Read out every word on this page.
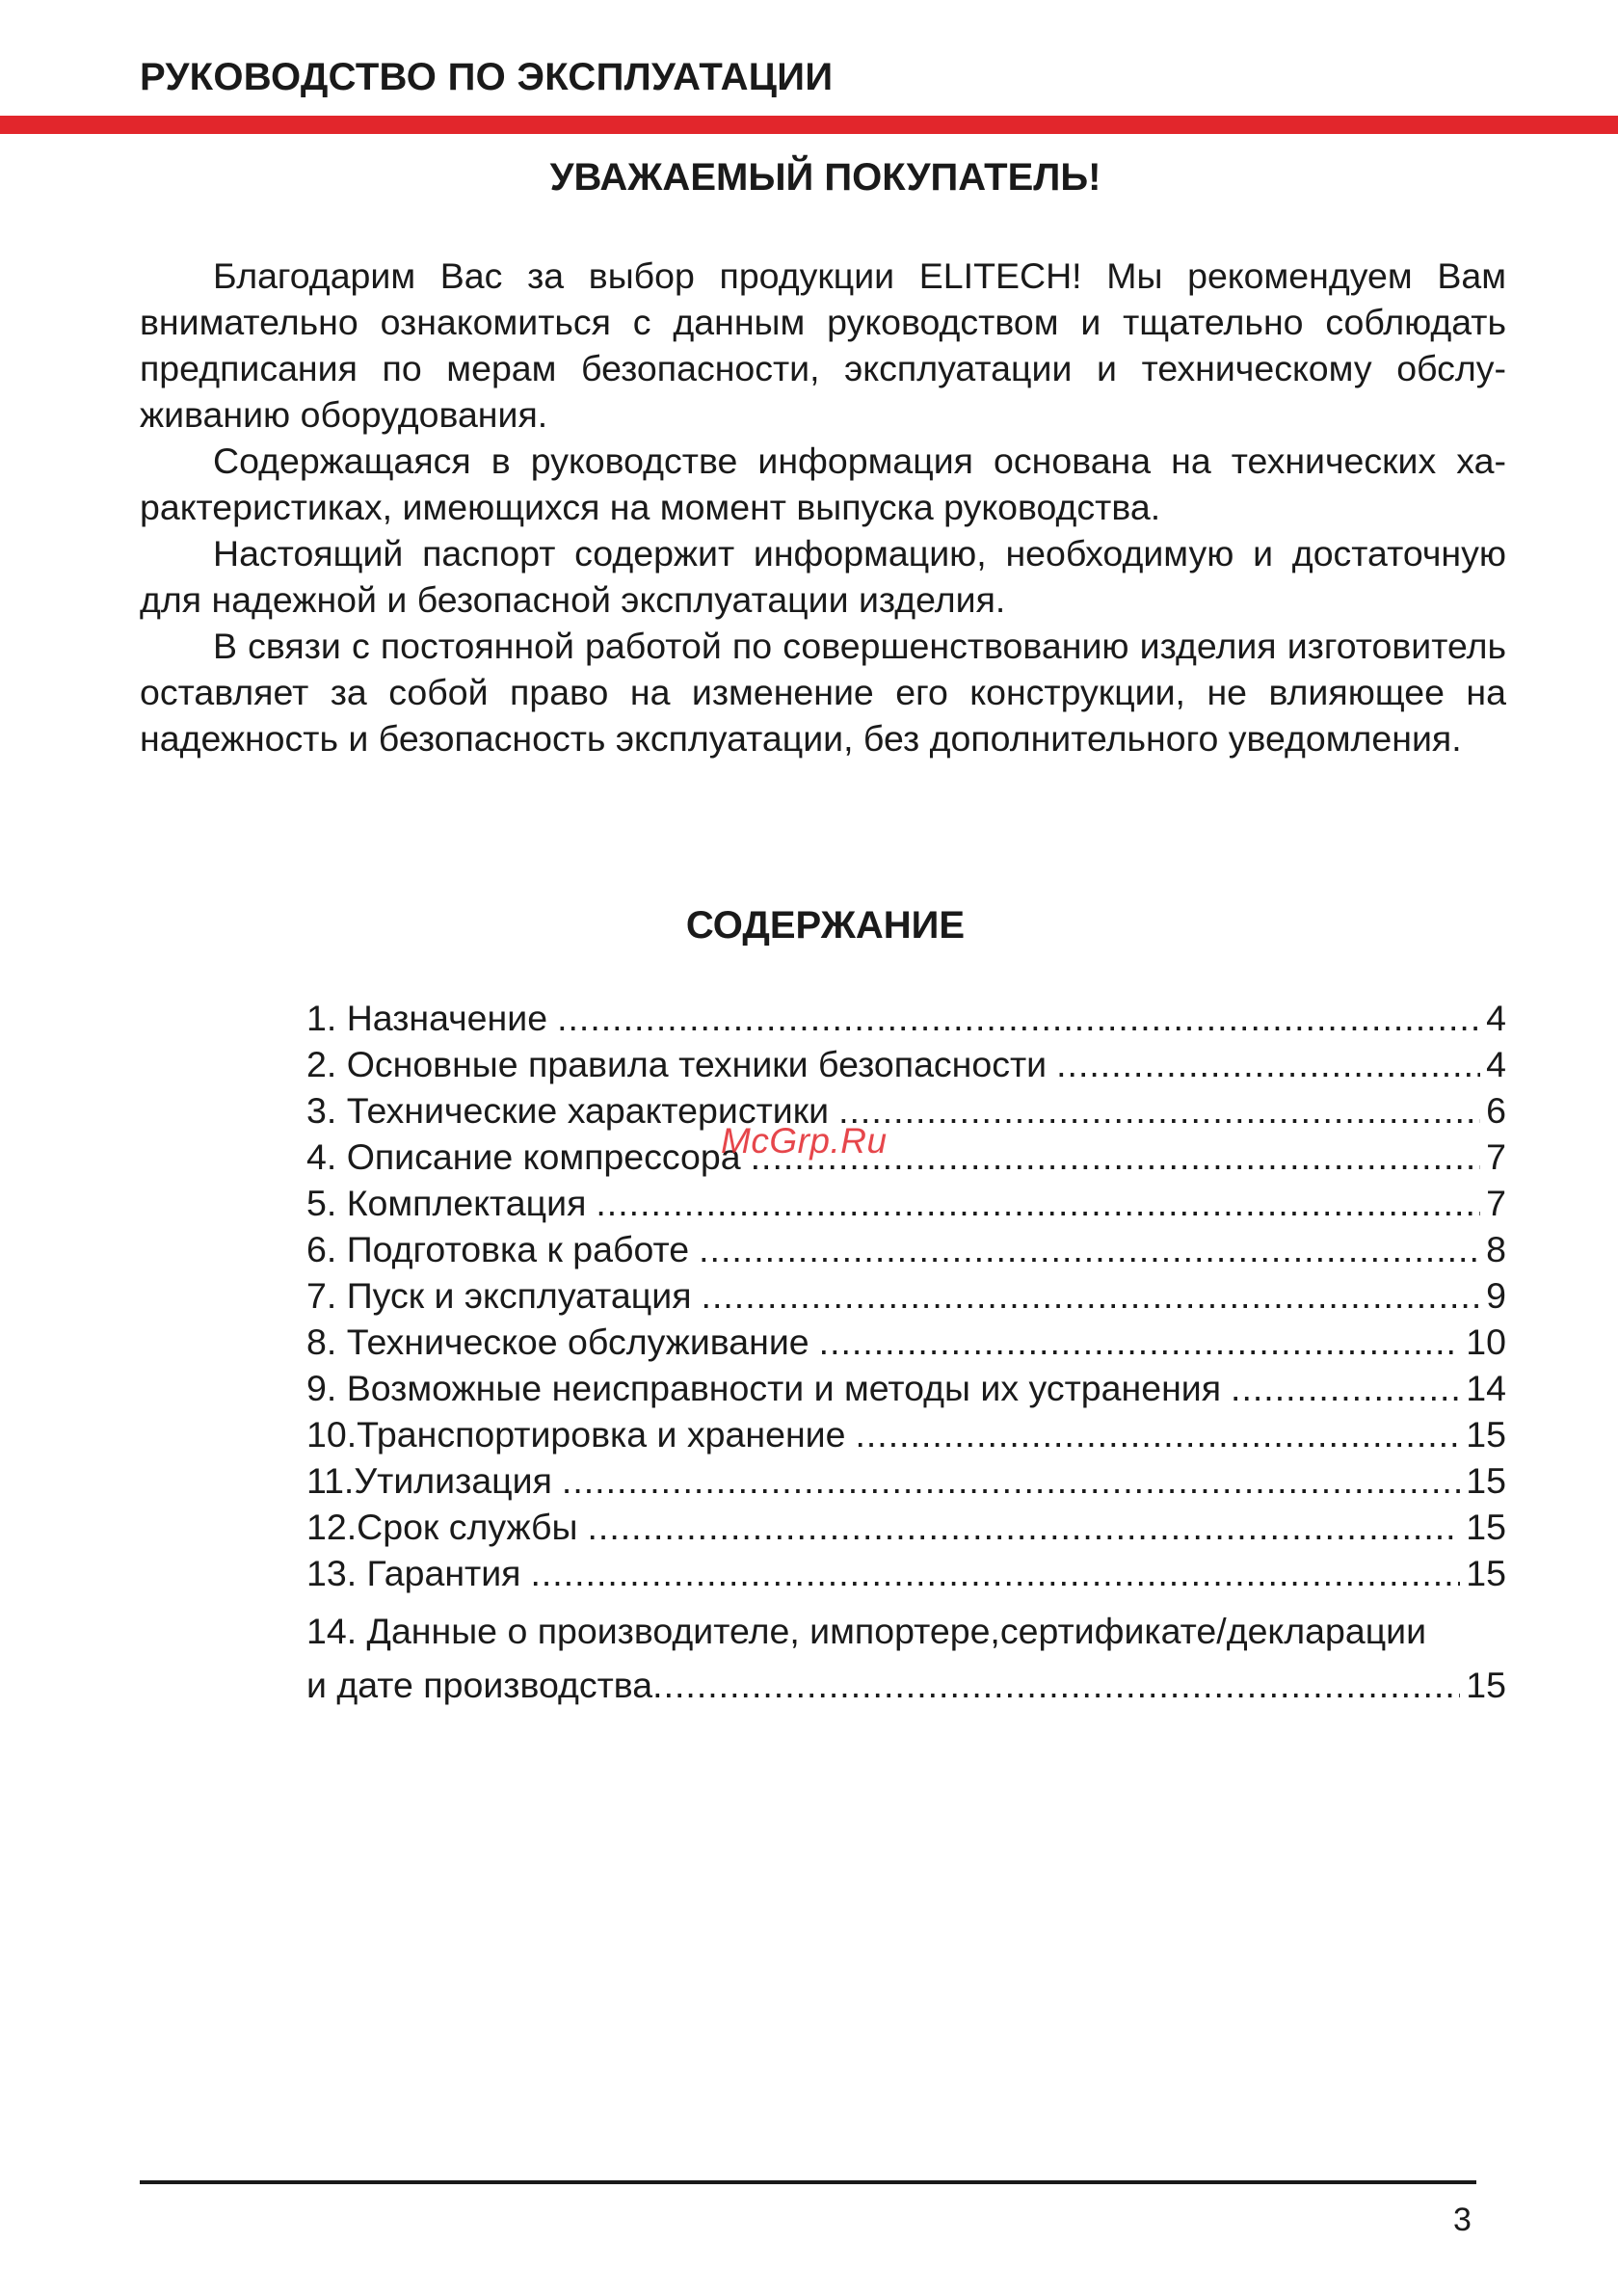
РУКОВОДСТВО ПО ЭКСПЛУАТАЦИИ
УВАЖАЕМЫЙ ПОКУПАТЕЛЬ!

Благодарим Вас за выбор продукции ELITECH! Мы рекомендуем Вам внимательно ознакомиться с данным руководством и тщательно соблюдать предписания по мерам безопасности, эксплуатации и техническому обслуживанию оборудования.

Содержащаяся в руководстве информация основана на технических характеристиках, имеющихся на момент выпуска руководства.

Настоящий паспорт содержит информацию, необходимую и достаточную для надежной и безопасной эксплуатации изделия.

В связи с постоянной работой по совершенствованию изделия изготовитель оставляет за собой право на изменение его конструкции, не влияющее на надежность и безопасность эксплуатации, без дополнительного уведомления.

СОДЕРЖАНИЕ
1. Назначение .....	4
2. Основные правила техники безопасности .....	4
3. Технические характеристики .....	6
4. Описание компрессора .....	7
5. Комплектация .....	7
6. Подготовка к работе .....	8
7. Пуск и эксплуатация .....	9
8. Техническое обслуживание .....	10
9. Возможные неисправности и методы их устранения .....	14
10.Транспортировка и хранение .....	15
11.Утилизация .....	15
12.Срок службы .....	15
13. Гарантия .....	15
14. Данные о производителе, импортере,сертификате/декларации
и дате производства .....	15
McGrp.Ru
3
